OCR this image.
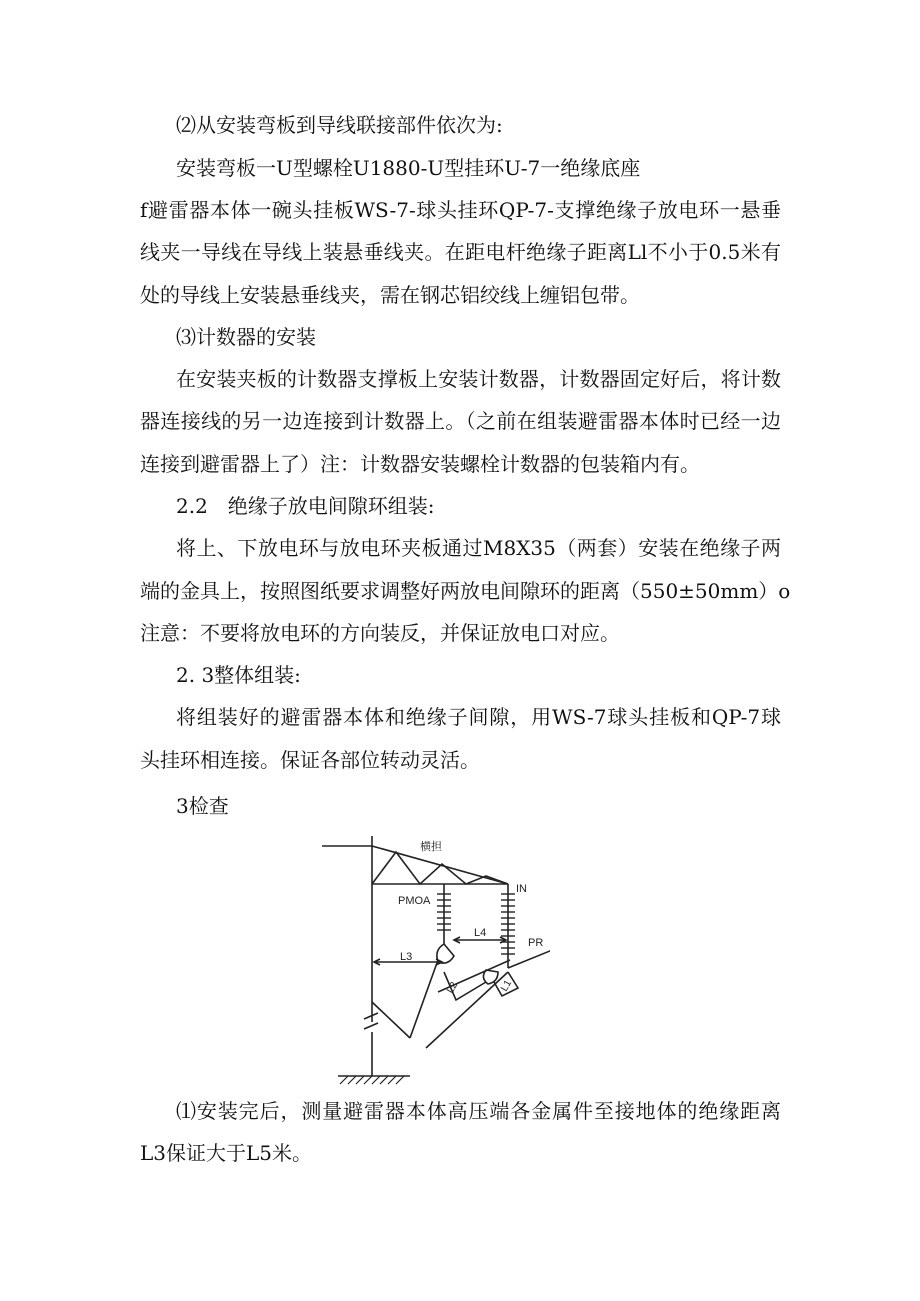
⑵从安装弯板到导线联接部件依次为:
安装弯板一U型螺栓U1880-U型挂环U-7一绝缘底座
f避雷器本体一碗头挂板WS-7-球头挂环QP-7-支撑绝缘子放电环一悬垂
线夹一导线在导线上装悬垂线夹。在距电杆绝缘子距离Ll不小于0.5米有
处的导线上安装悬垂线夹，需在钢芯铝绞线上缠铝包带。
⑶计数器的安装
在安装夹板的计数器支撑板上安装计数器，计数器固定好后，将计数
器连接线的另一边连接到计数器上。（之前在组装避雷器本体时已经一边
连接到避雷器上了）注：计数器安装螺栓计数器的包装箱内有。
2.2　绝缘子放电间隙环组装:
将上、下放电环与放电环夹板通过M8X35（两套）安装在绝缘子两
端的金具上，按照图纸要求调整好两放电间隙环的距离（550±50mm）o
注意：不要将放电环的方向装反，并保证放电口对应。
2. 3整体组装:
将组装好的避雷器本体和绝缘子间隙，用WS-7球头挂板和QP-7球
头挂环相连接。保证各部位转动灵活。
3检查
横担
PMOA
IN
PR
L3
L4
L2	L1
⑴安装完后，测量避雷器本体高压端各金属件至接地体的绝缘距离
L3保证大于L5米。
